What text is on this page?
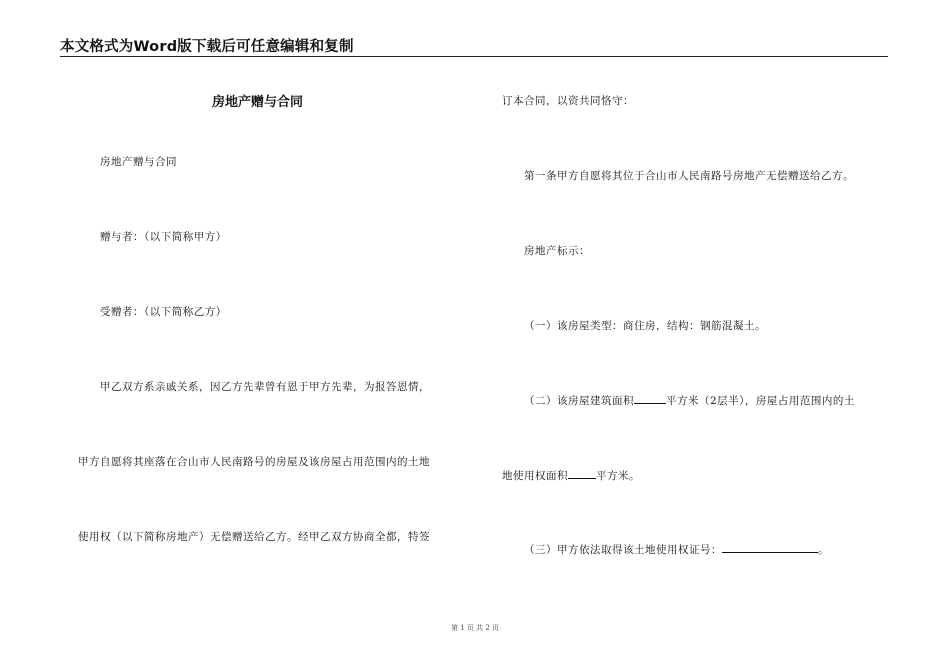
本文格式为Word版下载后可任意编辑和复制
房地产赠与合同
房地产赠与合同
赠与者：（以下简称甲方）
受赠者：（以下简称乙方）
甲乙双方系亲戚关系，因乙方先辈曾有恩于甲方先辈，为报答恩情，
甲方自愿将其座落在合山市人民南路号的房屋及该房屋占用范围内的土地
使用权（以下简称房地产）无偿赠送给乙方。经甲乙双方协商全都，特签
订本合同，以资共同恪守：
第一条甲方自愿将其位于合山市人民南路号房地产无偿赠送给乙方。
房地产标示：
（一）该房屋类型：商住房，结构：钢筋混凝土。
（二）该房屋建筑面积	平方米（2层半），房屋占用范围内的土
地使用权面积	平方米。
（三）甲方依法取得该土地使用权证号：	。
第 1 页 共 2 页
